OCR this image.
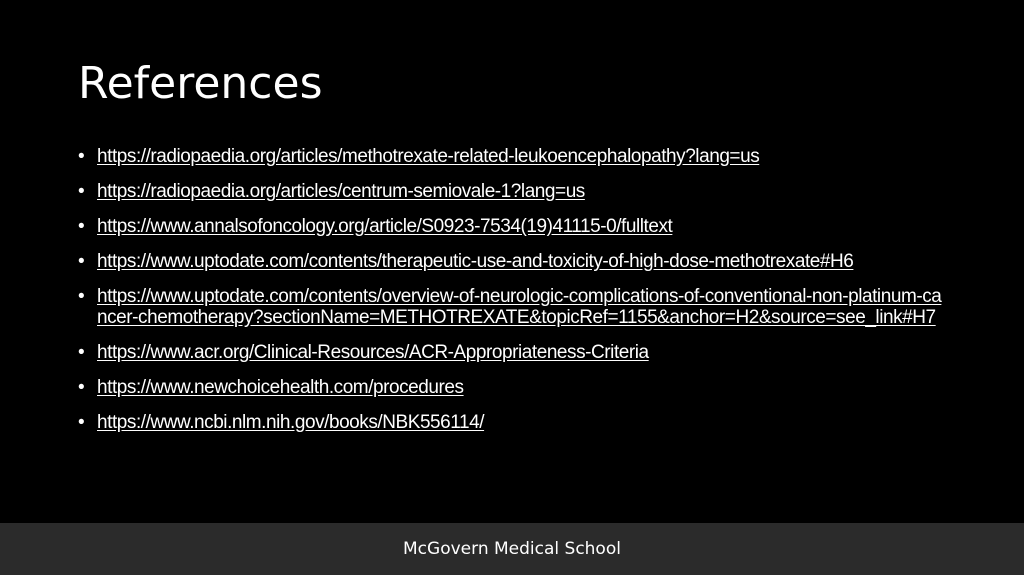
References
• https://radiopaedia.org/articles/methotrexate-related-leukoencephalopathy?lang=us
• https://radiopaedia.org/articles/centrum-semiovale-1?lang=us
• https://www.annalsofoncology.org/article/S0923-7534(19)41115-0/fulltext
• https://www.uptodate.com/contents/therapeutic-use-and-toxicity-of-high-dose-methotrexate#H6
• https://www.uptodate.com/contents/overview-of-neurologic-complications-of-conventional-non-platinum-cancer-chemotherapy?sectionName=METHOTREXATE&topicRef=1155&anchor=H2&source=see_link#H7
• https://www.acr.org/Clinical-Resources/ACR-Appropriateness-Criteria
• https://www.newchoicehealth.com/procedures
• https://www.ncbi.nlm.nih.gov/books/NBK556114/
McGovern Medical School
